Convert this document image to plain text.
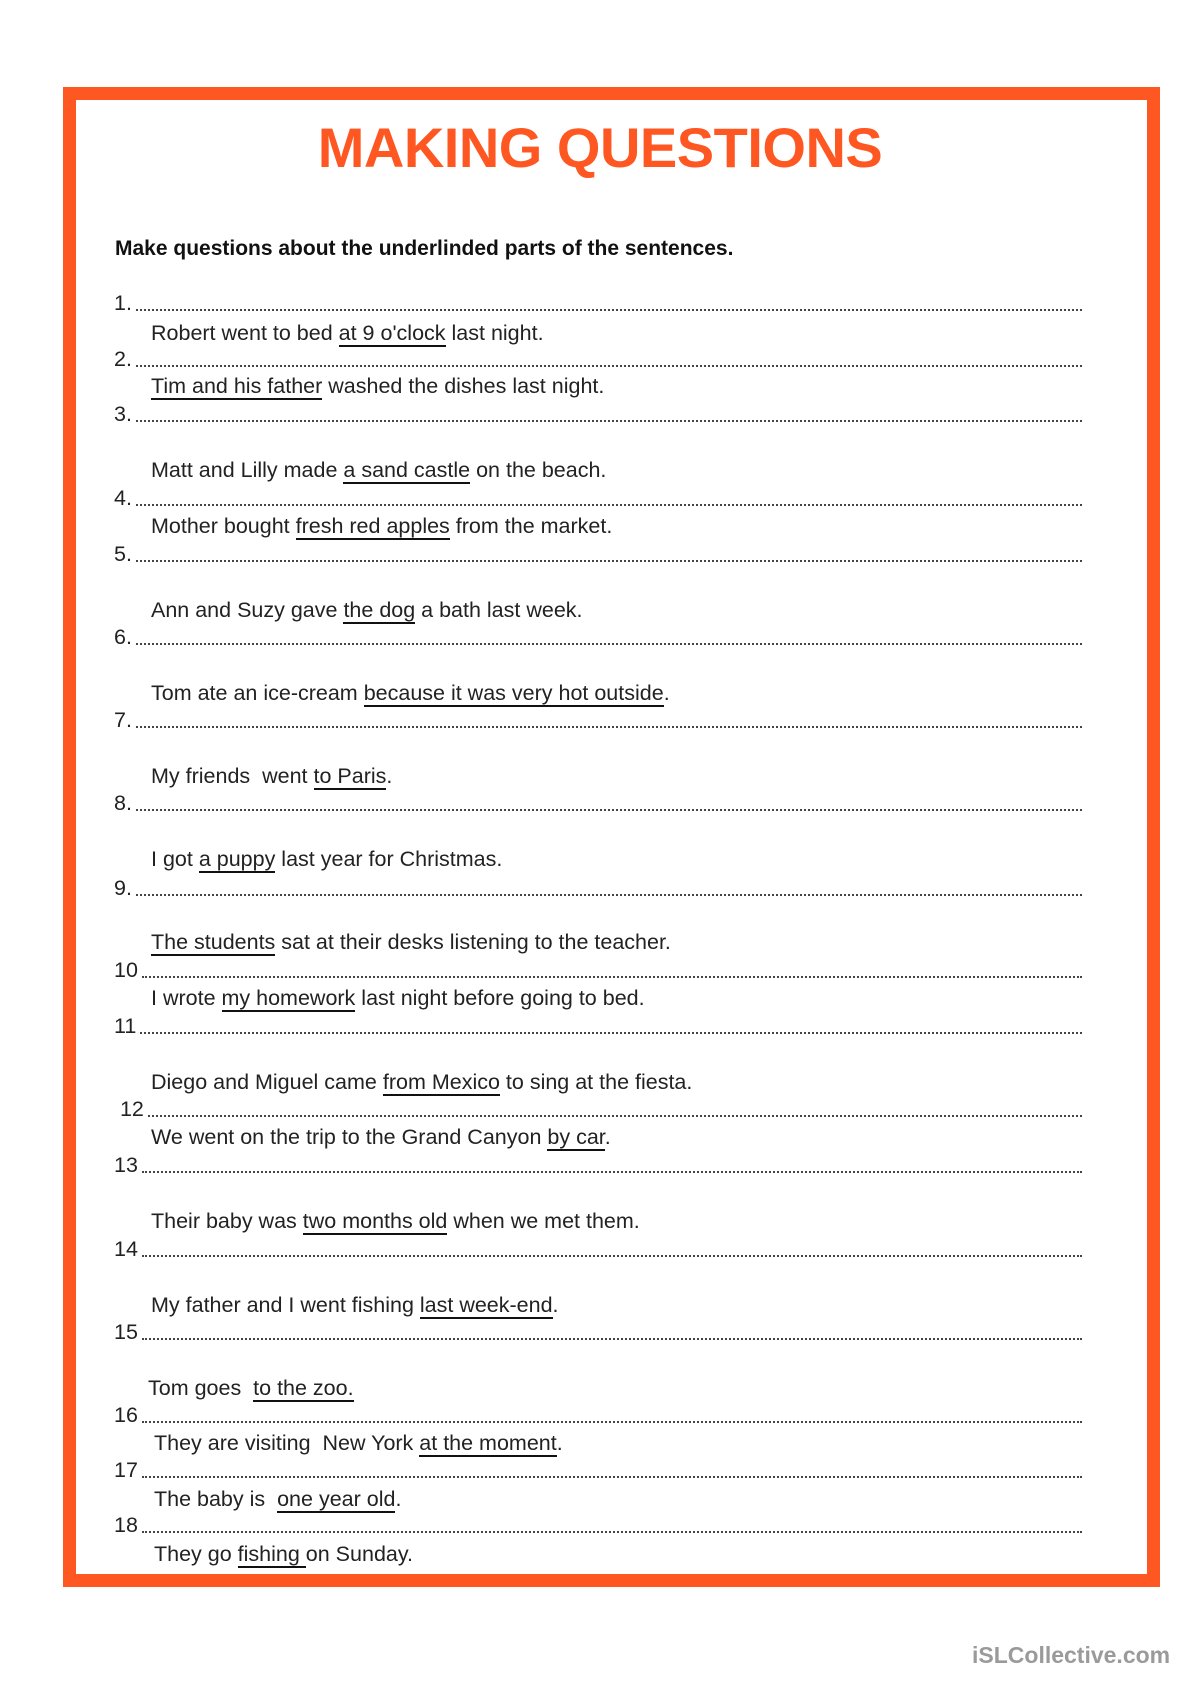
MAKING QUESTIONS
Make questions about the underlinded parts of the sentences.
1.
Robert went to bed at 9 o'clock last night.
2.
Tim and his father washed the dishes last night.
3.
Matt and Lilly made a sand castle on the beach.
4.
Mother bought fresh red apples from the market.
5.
Ann and Suzy gave the dog a bath last week.
6.
Tom ate an ice-cream because it was very hot outside.
7.
My friends  went to Paris.
8.
I got a puppy last year for Christmas.
9.
The students sat at their desks listening to the teacher.
10
I wrote my homework last night before going to bed.
11
Diego and Miguel came from Mexico to sing at the fiesta.
12
We went on the trip to the Grand Canyon by car.
13
Their baby was two months old when we met them.
14
My father and I went fishing last week-end.
15
Tom goes  to the zoo.
16
They are visiting  New York at the moment.
17
The baby is  one year old.
18
They go fishing on Sunday.
iSLCollective.com
